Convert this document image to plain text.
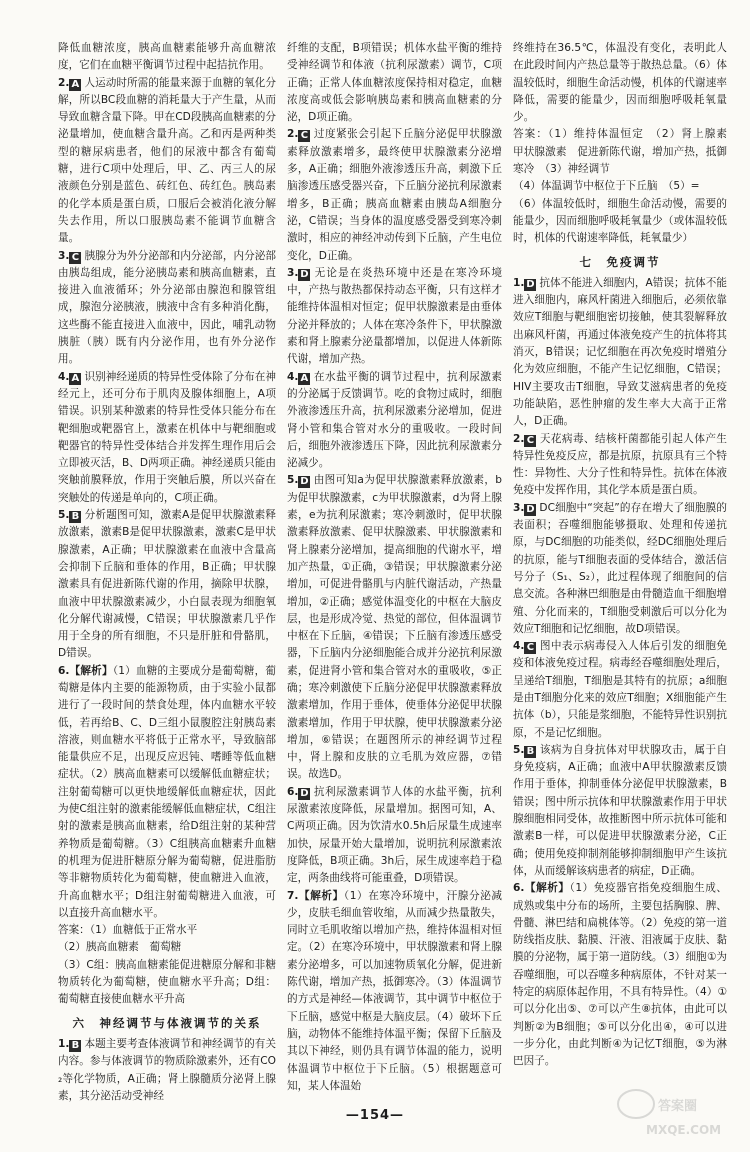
降低血糖浓度，胰高血糖素能够升高血糖浓度，它们在血糖平衡调节过程中起拮抗作用。

2. A 人运动时所需的能量来源于血糖的氧化分解，所以BC段血糖的消耗量大于产生量，从而导致血糖含量下降。甲在CD段胰高血糖素的分泌量增加，使血糖含量升高。乙和丙是两种类型的糖尿病患者，他们的尿液中都含有葡萄糖，进行C项中处理后，甲、乙、丙三人的尿液颜色分别是蓝色、砖红色、砖红色。胰岛素的化学本质是蛋白质，口服后会被消化液分解失去作用，所以口服胰岛素不能调节血糖含量。

3. C 胰腺分为外分泌部和内分泌部，内分泌部由胰岛组成，能分泌胰岛素和胰高血糖素，直接进入血液循环；外分泌部由腺泡和腺管组成，腺泡分泌胰液，胰液中含有多种消化酶，这些酶不能直接进入血液中，因此，哺乳动物胰脏（胰）既有内分泌作用，也有外分泌作用。

4. A 识别神经递质的特异性受体除了分布在神经元上，还可分布于肌肉及腺体细胞上，A项错误。识别某种激素的特异性受体只能分布在靶细胞或靶器官上，激素在机体中与靶细胞或靶器官的特异性受体结合并发挥生理作用后会立即被灭活，B、D两项正确。神经递质只能由突触前膜释放，作用于突触后膜，所以兴奋在突触处的传递是单向的，C项正确。

5. B 分析题图可知，激素A是促甲状腺激素释放激素，激素B是促甲状腺激素，激素C是甲状腺激素，A正确；甲状腺激素在血液中含量高会抑制下丘脑和垂体的作用，B正确；甲状腺激素具有促进新陈代谢的作用，摘除甲状腺，血液中甲状腺激素减少，小白鼠表现为细胞氧化分解代谢减慢，C错误；甲状腺激素几乎作用于全身的所有细胞，不只是肝脏和骨骼肌，D错误。

6.【解析】（1）血糖的主要成分是葡萄糖，葡萄糖是体内主要的能源物质，由于实验小鼠都进行了一段时间的禁食处理，体内血糖水平较低，若再给B、C、D三组小鼠腹腔注射胰岛素溶液，则血糖水平将低于正常水平，导致脑部能量供应不足，出现反应迟钝、嗜睡等低血糖症状。（2）胰高血糖素可以缓解低血糖症状；注射葡萄糖可以更快地缓解低血糖症状，因此为使C组注射的激素能缓解低血糖症状，C组注射的激素是胰高血糖素，给D组注射的某种营养物质是葡萄糖。（3）C组胰高血糖素升血糖的机理为促进肝糖原分解为葡萄糖，促进脂肪等非糖物质转化为葡萄糖，使血糖进入血液，升高血糖水平；D组注射葡萄糖进入血液，可以直接升高血糖水平。

答案：（1）血糖低于正常水平

（2）胰高血糖素　葡萄糖

（3）C组：胰高血糖素能促进糖原分解和非糖物质转化为葡萄糖，使血糖水平升高；D组：葡萄糖直接使血糖水平升高

六　神经调节与体液调节的关系

1. B 本题主要考查体液调节和神经调节的有关内容。参与体液调节的物质除激素外，还有CO₂等化学物质，A正确；肾上腺髓质分泌肾上腺素，其分泌活动受神经

纤维的支配，B项错误；机体水盐平衡的维持受神经调节和体液（抗利尿激素）调节，C项正确；正常人体血糖浓度保持相对稳定，血糖浓度高或低会影响胰岛素和胰高血糖素的分泌，D项正确。

2. C 过度紧张会引起下丘脑分泌促甲状腺激素释放激素增多，最终使甲状腺激素分泌增多，A正确；细胞外液渗透压升高，刺激下丘脑渗透压感受器兴奋，下丘脑分泌抗利尿激素增多，B正确；胰高血糖素由胰岛A细胞分泌，C错误；当身体的温度感受器受到寒冷刺激时，相应的神经冲动传到下丘脑，产生电位变化，D正确。

3. D 无论是在炎热环境中还是在寒冷环境中，产热与散热都保持动态平衡，只有这样才能维持体温相对恒定；促甲状腺激素是由垂体分泌并释放的；人体在寒冷条件下，甲状腺激素和肾上腺素分泌量都增加，以促进人体新陈代谢，增加产热。

4. A 在水盐平衡的调节过程中，抗利尿激素的分泌属于反馈调节。吃的食物过咸时，细胞外液渗透压升高，抗利尿激素分泌增加，促进肾小管和集合管对水分的重吸收。一段时间后，细胞外液渗透压下降，因此抗利尿激素分泌减少。

5. D 由图可知a为促甲状腺激素释放激素，b为促甲状腺激素，c为甲状腺激素，d为肾上腺素，e为抗利尿激素；寒冷刺激时，促甲状腺激素释放激素、促甲状腺激素、甲状腺激素和肾上腺素分泌增加，提高细胞的代谢水平，增加产热量，①正确，③错误；甲状腺激素分泌增加，可促进骨骼肌与内脏代谢活动，产热量增加，②正确；感觉体温变化的中枢在大脑皮层，也是形成冷觉、热觉的部位，但体温调节中枢在下丘脑，④错误；下丘脑有渗透压感受器，下丘脑内分泌细胞能合成并分泌抗利尿激素，促进肾小管和集合管对水的重吸收，⑤正确；寒冷刺激使下丘脑分泌促甲状腺激素释放激素增加，作用于垂体，使垂体分泌促甲状腺激素增加，作用于甲状腺，使甲状腺激素分泌增加，⑥错误；在题图所示的神经调节过程中，肾上腺和皮肤的立毛肌为效应器，⑦错误。故选D。

6. D 抗利尿激素调节人体的水盐平衡，抗利尿激素浓度降低，尿量增加。据图可知，A、C两项正确。因为饮清水0.5h后尿量生成速率加快，尿量开始大量增加，说明抗利尿激素浓度降低，B项正确。3h后，尿生成速率趋于稳定，两条曲线将可能重叠，D项错误。

7.【解析】（1）在寒冷环境中，汗腺分泌减少，皮肤毛细血管收缩，从而减少热量散失，同时立毛肌收缩以增加产热，维持体温相对恒定。（2）在寒冷环境中，甲状腺激素和肾上腺素分泌增多，可以加速物质氧化分解，促进新陈代谢，增加产热，抵御寒冷。（3）体温调节的方式是神经—体液调节，其中调节中枢位于下丘脑，感觉中枢是大脑皮层。（4）破坏下丘脑，动物体不能维持体温平衡；保留下丘脑及其以下神经，则仍具有调节体温的能力，说明体温调节中枢位于下丘脑。（5）根据题意可知，某人体温始

终维持在36.5℃，体温没有变化，表明此人在此段时间内产热总量等于散热总量。（6）体温较低时，细胞生命活动慢，机体的代谢速率降低，需要的能量少，因而细胞呼吸耗氧量少。

答案：（1）维持体温恒定　（2）肾上腺素　甲状腺激素　促进新陈代谢，增加产热，抵御寒冷　（3）神经调节

（4）体温调节中枢位于下丘脑　（5）=

（6）体温较低时，细胞生命活动慢，需要的能量少，因而细胞呼吸耗氧量少（或体温较低时，机体的代谢速率降低，耗氧量少）

七　免疫调节

1. D 抗体不能进入细胞内，A错误；抗体不能进入细胞内，麻风杆菌进入细胞后，必须依靠效应T细胞与靶细胞密切接触，使其裂解释放出麻风杆菌，再通过体液免疫产生的抗体将其消灭，B错误；记忆细胞在再次免疫时增殖分化为效应细胞，不能产生记忆细胞，C错误；HIV主要攻击T细胞，导致艾滋病患者的免疫功能缺陷，恶性肿瘤的发生率大大高于正常人，D正确。

2. C 天花病毒、结核杆菌都能引起人体产生特异性免疫反应，都是抗原，抗原具有三个特性：异物性、大分子性和特异性。抗体在体液免疫中发挥作用，其化学本质是蛋白质。

3. D DC细胞中“突起”的存在增大了细胞膜的表面积；吞噬细胞能够摄取、处理和传递抗原，与DC细胞的功能类似，经DC细胞处理后的抗原，能与T细胞表面的受体结合，激活信号分子（S₁、S₂），此过程体现了细胞间的信息交流。各种淋巴细胞是由骨髓造血干细胞增殖、分化而来的，T细胞受刺激后可以分化为效应T细胞和记忆细胞，故D项错误。

4. C 图中表示病毒侵入人体后引发的细胞免疫和体液免疫过程。病毒经吞噬细胞处理后，呈递给T细胞，T细胞是其特有的抗原；a细胞是由T细胞分化来的效应T细胞；X细胞能产生抗体（b），只能是浆细胞，不能特异性识别抗原，不是记忆细胞。

5. B 该病为自身抗体对甲状腺攻击，属于自身免疫病，A正确；血液中A甲状腺激素反馈作用于垂体，抑制垂体分泌促甲状腺激素，B错误；图中所示抗体和甲状腺激素作用于甲状腺细胞相同受体，故推断图中所示抗体可能和激素B一样，可以促进甲状腺激素分泌，C正确；使用免疫抑制剂能够抑制细胞甲产生该抗体，从而缓解该病患者的病症，D正确。

6.【解析】（1）免疫器官指免疫细胞生成、成熟或集中分布的场所，主要包括胸腺、脾、骨髓、淋巴结和扁桃体等。（2）免疫的第一道防线指皮肤、黏膜、汗液、泪液属于皮肤、黏膜的分泌物，属于第一道防线。（3）细胞①为吞噬细胞，可以吞噬多种病原体，不针对某一特定的病原体起作用，不具有特异性。（4）①可以分化出⑤、⑦可以产生⑧抗体，由此可以判断②为B细胞；⑤可以分化出④，④可以进一步分化，由此判断④为记忆T细胞，⑤为淋巴因子。

—154—
答案圈
MXQE.COM
